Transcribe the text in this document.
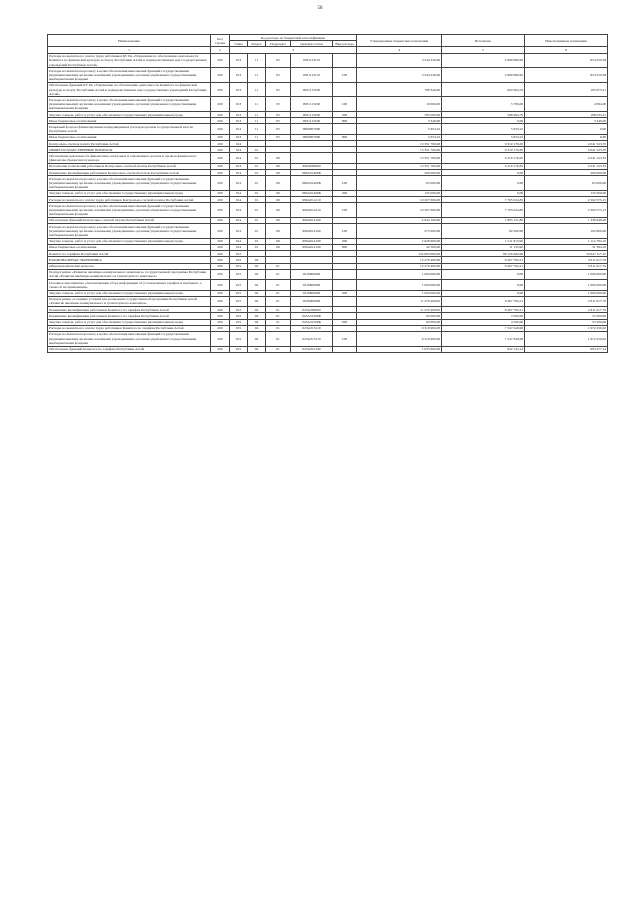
58
Наименование	Код строки	Код расхода по бюджетной классификации					Утвержденные бюджетные назначения	Исполнено	Неисполненные назначения
		Глава	Раздел	Подраздел	Целевая статья	Вид расхода			
1	2	3					4	5	6
Расходы на выплаты по оплате труда работников КУ РА «Управление по обеспечению деятельности Комитета по физической культуре и спорту Республики Алтай и подведомственных ему государственных учреждений Республики Алтай»	200	913	11	05	0931113110		3 544 240,00	2 689 980,62	854 259,38
Расходы на выплаты персоналу в целях обеспечения выполнения функций государственными (муниципальными) органами, казенными учреждениями, органами управления государственными внебюджетными фондами	200	913	11	05	0931113110	100	3 544 240,00	2 689 980,62	854 259,38
Обеспечение функций КУ РА «Управление по обеспечению деятельности Комитета по физической культуре и спорту Республики Алтай и подведомственных ему государственных учреждений Республики Алтай»	200	913	11	05	0931113190		798 340,00	602 664,79	195 675,21
Расходы на выплаты персоналу в целях обеспечения выполнения функций государственными (муниципальными) органами, казенными учреждениями, органами управления государственными внебюджетными фондами	200	913	11	05	0931113190	100	10 600,00	5 706,00	4 894,00
Закупка товаров, работ и услуг для обеспечения государственных (муниципальных) нужд	200	913	11	05	0931113190	200	785 000,00	596 964,79	188 035,21
Иные бюджетные ассигнования	200	913	11	05	0931113190	800	3 340,00	0,00	3 340,00
Резервный фонд на финансирование непредвиденных расходов органов государственной власти Республики Алтай	200	913	11	05	9900007000		5 653,22	5 653,22	0,00
Иные бюджетные ассигнования	200	913	11	05	9900007000	800	5 653,22	5 653,22	0,00
Контрольно-счетная палата Республики Алтай	200	914					13 351 700,00	9 310 176,65	4 041 523,35
ОБЩЕГОСУДАРСТВЕННЫЕ ВОПРОСЫ	200	914	01				13 351 700,00	9 310 176,65	4 041 523,35
Обеспечение деятельности финансовых, налоговых и таможенных органов и органов финансового (финансово-бюджетного) надзора	200	914	01	06			13 351 700,00	9 310 176,65	4 041 523,35
Исполнение полномочий работников Контрольно-счетной палаты Республики Алтай	200	914	01	06	990А000000		13 351 700,00	9 310 176,65	4 041 523,35
Повышение квалификации работников Контрольно-счетной палаты Республики Алтай	200	914	01	06	990А01400К		200 000,00	0,00	200 000,00
Расходы на выплаты персоналу в целях обеспечения выполнения функций государственными (муниципальными) органами, казенными учреждениями, органами управления государственными внебюджетными фондами	200	914	01	06	990А01400К	100	65 000,00	0,00	65 000,00
Закупка товаров, работ и услуг для обеспечения государственных (муниципальных) нужд	200	914	01	06	990А01400К	200	135 000,00	0,00	135 000,00
Расходы на выплаты по оплате труда работников Контрольно-счетной палаты Республики Алтай	200	914	01	06	990А014110		10 207 600,00	7 705 024,85	2 502 575,15
Расходы на выплаты персоналу в целях обеспечения выполнения функций государственными (муниципальными) органами, казенными учреждениями, органами управления государственными внебюджетными фондами	200	914	01	06	990А014110	100	10 207 600,00	7 705 024,85	2 502 575,15
Обеспечение функций Контрольно-счетной палаты Республики Алтай	200	914	01	06	990А014190		2 944 100,00	1 605 151,80	1 338 948,20
Расходы на выплаты персоналу в целях обеспечения выполнения функций государственными (муниципальными) органами, казенными учреждениями, органами управления государственными внебюджетными фондами	200	914	01	06	990А014190	100	275 000,00	82 200,00	192 800,00
Закупка товаров, работ и услуг для обеспечения государственных (муниципальных) нужд	200	914	01	06	990А014190	200	2 626 600,00	1 511 815,90	1 114 784,10
Иные бюджетные ассигнования	200	914	01	06	990А014190	800	42 500,00	11 135,90	31 364,10
Комитет по тарифам Республики Алтай	200	915					152 803 600,00	99 156 482,90	53 647 117,10
НАЦИОНАЛЬНАЯ ЭКОНОМИКА	200	915	04				12 279 400,00	8 467 782,21	3 811 617,79
Общеэкономические вопросы	200	915	04	01			12 279 400,00	8 467 782,21	3 811 617,79
Подпрограмма «Развитие жилищно-коммунального комплекса» государственной программы Республики Алтай «Развитие жилищно-коммунального и транспортного комплекса»	200	915	04	01	0210000000		1 000 000,00	0,00	1 000 000,00
Основное мероприятие «Автоматизация сбора информации об установленных тарифах и надбавках, а также об их применении»	200	915	04	01	0210600000		1 000 000,00	0,00	1 000 000,00
Закупка товаров, работ и услуг для обеспечения государственных (муниципальных) нужд	200	915	04	01	0210600000	200	1 000 000,00	0,00	1 000 000,00
Подпрограмма «Создание условий для реализации государственной программы Республики Алтай «Развитие жилищно-коммунального и транспортного комплекса»	200	915	04	01	0230000000		11 279 400,00	8 467 782,21	2 811 617,79
Повышение квалификации работников Комитета по тарифам Республики Алтай	200	915	04	01	023А300000		11 279 400,00	8 467 782,21	2 811 617,79
Повышение квалификации работников Комитета по тарифам Республики Алтай	200	915	04	01	023А31500К		60 000,00	4 500,00	55 500,00
Закупка товаров, работ и услуг для обеспечения государственных (муниципальных) нужд	200	915	04	01	023А31500К	200	60 000,00	4 500,00	55 500,00
Расходы на выплаты по оплате труда работников Комитета по тарифам Республики Алтай	200	915	04	01	023А315110		9 319 900,00	7 347 649,98	1 972 250,02
Расходы на выплаты персоналу в целях обеспечения выполнения функций государственными (муниципальными) органами, казенными учреждениями, органами управления государственными внебюджетными фондами	200	915	04	01	023А315110	100	9 319 900,00	7 347 649,98	1 972 250,02
Обеспечение функций Комитета по тарифам Республики Алтай	200	915	04	01	023А315190		1 635 600,00	942 122,14	693 477,14
